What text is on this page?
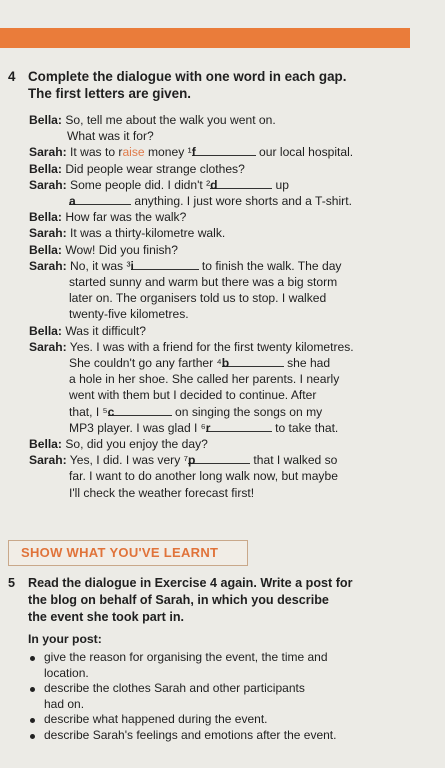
4 Complete the dialogue with one word in each gap.
The first letters are given.
Bella: So, tell me about the walk you went on.
What was it for?
Sarah: It was to raise money ¹f	our local hospital.
Bella: Did people wear strange clothes?
Sarah: Some people did. I didn't ²d	up
a	anything. I just wore shorts and a T-shirt.
Bella: How far was the walk?
Sarah: It was a thirty-kilometre walk.
Bella: Wow! Did you finish?
Sarah: No, it was ³i	to finish the walk. The day
started sunny and warm but there was a big storm
later on. The organisers told us to stop. I walked
twenty-five kilometres.
Bella: Was it difficult?
Sarah: Yes. I was with a friend for the first twenty kilometres.
She couldn't go any farther ⁴b	she had
a hole in her shoe. She called her parents. I nearly
went with them but I decided to continue. After
that, I ⁵c	on singing the songs on my
MP3 player. I was glad I ⁶r	to take that.
Bella: So, did you enjoy the day?
Sarah: Yes, I did. I was very ⁷p	that I walked so
far. I want to do another long walk now, but maybe
I'll check the weather forecast first!
SHOW WHAT YOU'VE LEARNT
5 Read the dialogue in Exercise 4 again. Write a post for
the blog on behalf of Sarah, in which you describe
the event she took part in.
In your post:
give the reason for organising the event, the time and
location.
describe the clothes Sarah and other participants
had on.
describe what happened during the event.
describe Sarah's feelings and emotions after the event.
